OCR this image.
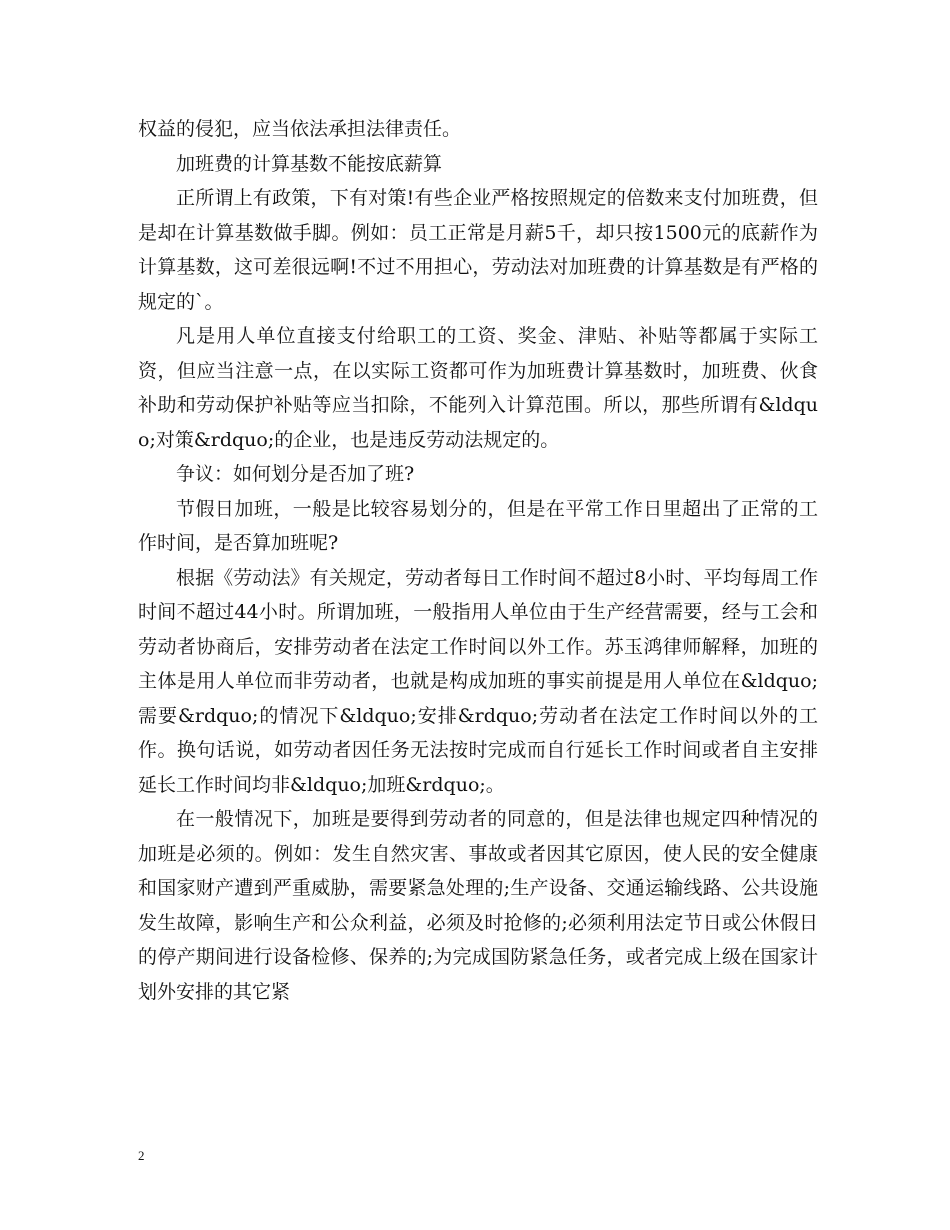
权益的侵犯，应当依法承担法律责任。

加班费的计算基数不能按底薪算

正所谓上有政策，下有对策!有些企业严格按照规定的倍数来支付加班费，但是却在计算基数做手脚。例如：员工正常是月薪5千，却只按1500元的底薪作为计算基数，这可差很远啊!不过不用担心，劳动法对加班费的计算基数是有严格的规定的`。

凡是用人单位直接支付给职工的工资、奖金、津贴、补贴等都属于实际工资，但应当注意一点，在以实际工资都可作为加班费计算基数时，加班费、伙食补助和劳动保护补贴等应当扣除，不能列入计算范围。所以，那些所谓有&ldquo;对策&rdquo;的企业，也是违反劳动法规定的。

争议：如何划分是否加了班?

节假日加班，一般是比较容易划分的，但是在平常工作日里超出了正常的工作时间，是否算加班呢?

根据《劳动法》有关规定，劳动者每日工作时间不超过8小时、平均每周工作时间不超过44小时。所谓加班，一般指用人单位由于生产经营需要，经与工会和劳动者协商后，安排劳动者在法定工作时间以外工作。苏玉鸿律师解释，加班的主体是用人单位而非劳动者，也就是构成加班的事实前提是用人单位在&ldquo;需要&rdquo;的情况下&ldquo;安排&rdquo;劳动者在法定工作时间以外的工作。换句话说，如劳动者因任务无法按时完成而自行延长工作时间或者自主安排延长工作时间均非&ldquo;加班&rdquo;。

在一般情况下，加班是要得到劳动者的同意的，但是法律也规定四种情况的加班是必须的。例如：发生自然灾害、事故或者因其它原因，使人民的安全健康和国家财产遭到严重威胁，需要紧急处理的;生产设备、交通运输线路、公共设施发生故障，影响生产和公众利益，必须及时抢修的;必须利用法定节日或公休假日的停产期间进行设备检修、保养的;为完成国防紧急任务，或者完成上级在国家计划外安排的其它紧

2
